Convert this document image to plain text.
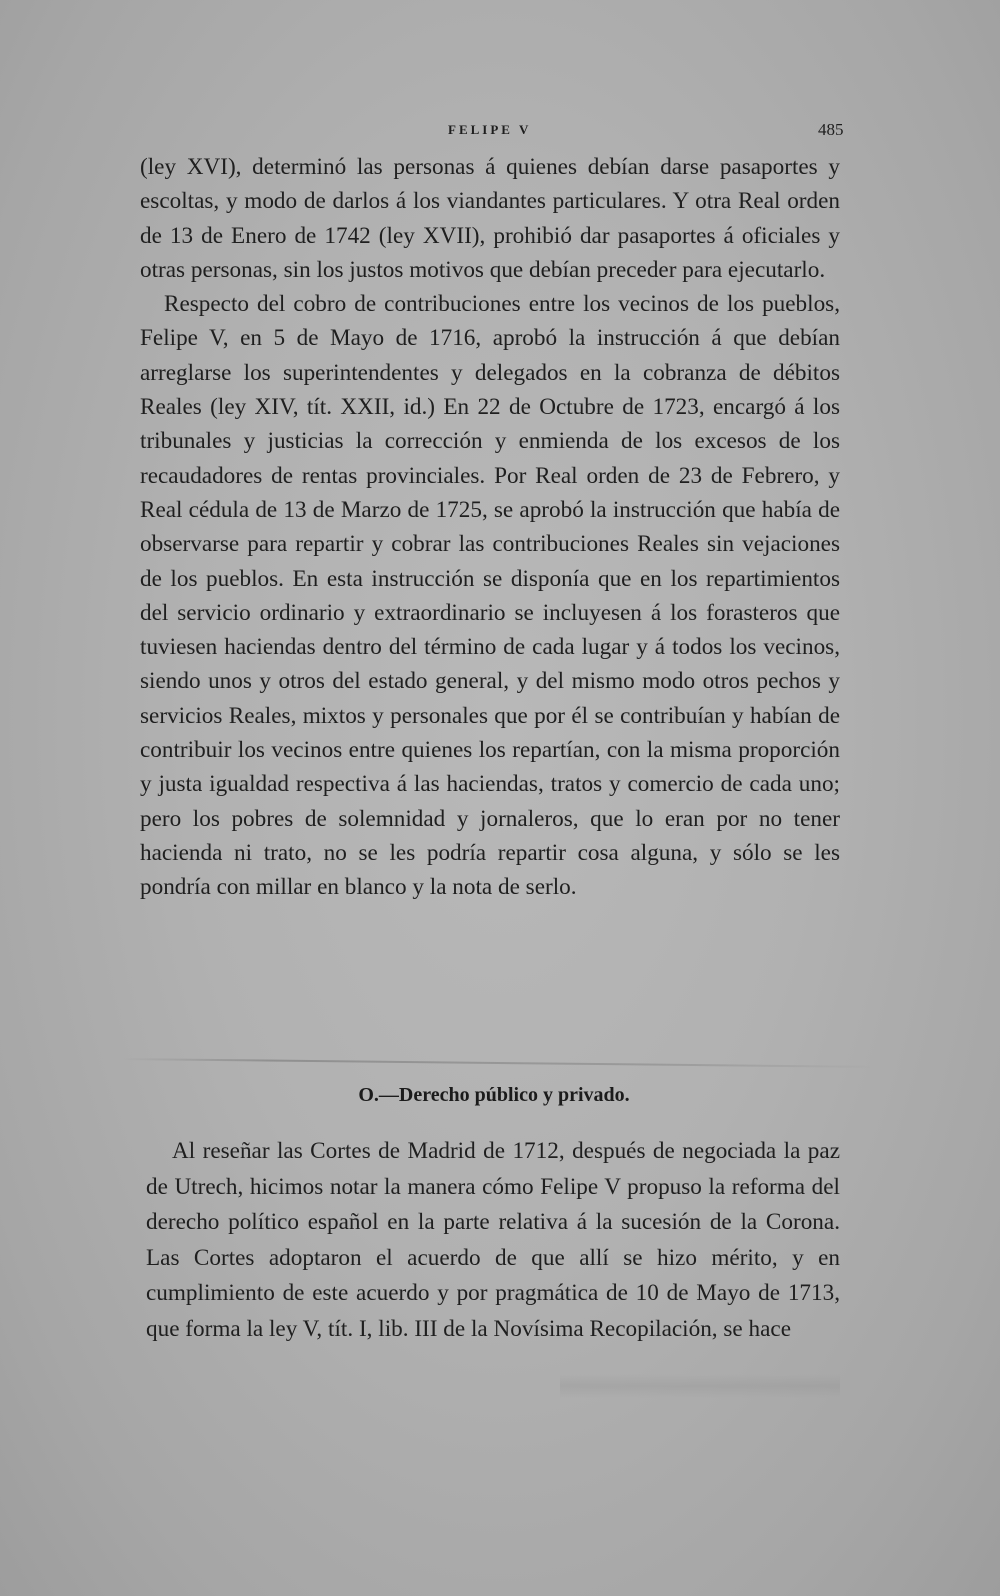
FELIPE V	485

(ley XVI), determinó las personas á quienes debían darse pasaportes y escoltas, y modo de darlos á los viandantes particulares. Y otra Real orden de 13 de Enero de 1742 (ley XVII), prohibió dar pasaportes á oficiales y otras personas, sin los justos motivos que debían preceder para ejecutarlo.

Respecto del cobro de contribuciones entre los vecinos de los pueblos, Felipe V, en 5 de Mayo de 1716, aprobó la instrucción á que debían arreglarse los superintendentes y delegados en la cobranza de débitos Reales (ley XIV, tít. XXII, id.) En 22 de Octubre de 1723, encargó á los tribunales y justicias la corrección y enmienda de los excesos de los recaudadores de rentas provinciales. Por Real orden de 23 de Febrero, y Real cédula de 13 de Marzo de 1725, se aprobó la instrucción que había de observarse para repartir y cobrar las contribuciones Reales sin vejaciones de los pueblos. En esta instrucción se disponía que en los repartimientos del servicio ordinario y extraordinario se incluyesen á los forasteros que tuviesen haciendas dentro del término de cada lugar y á todos los vecinos, siendo unos y otros del estado general, y del mismo modo otros pechos y servicios Reales, mixtos y personales que por él se contribuían y habían de contribuir los vecinos entre quienes los repartían, con la misma proporción y justa igualdad respectiva á las haciendas, tratos y comercio de cada uno; pero los pobres de solemnidad y jornaleros, que lo eran por no tener hacienda ni trato, no se les podría repartir cosa alguna, y sólo se les pondría con millar en blanco y la nota de serlo.

O.—Derecho público y privado.

Al reseñar las Cortes de Madrid de 1712, después de negociada la paz de Utrech, hicimos notar la manera cómo Felipe V propuso la reforma del derecho político español en la parte relativa á la sucesión de la Corona. Las Cortes adoptaron el acuerdo de que allí se hizo mérito, y en cumplimiento de este acuerdo y por pragmática de 10 de Mayo de 1713, que forma la ley V, tít. I, lib. III de la Novísima Recopilación, se hace
